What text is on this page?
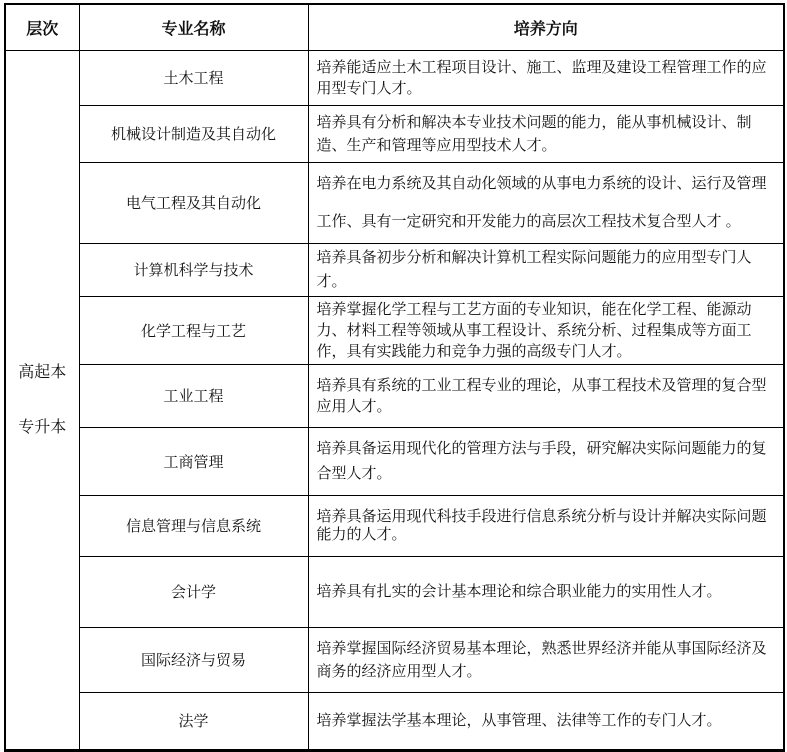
层次	专业名称	培养方向

高起本
专升本	土木工程	培养能适应土木工程项目设计、施工、监理及建设工程管理工作的应用型专门人才。

	机械设计制造及其自动化	培养具有分析和解决本专业技术问题的能力，能从事机械设计、制造、生产和管理等应用型技术人才。

	电气工程及其自动化	培养在电力系统及其自动化领域的从事电力系统的设计、运行及管理工作、具有一定研究和开发能力的高层次工程技术复合型人才 。

	计算机科学与技术	培养具备初步分析和解决计算机工程实际问题能力的应用型专门人才。

	化学工程与工艺	培养掌握化学工程与工艺方面的专业知识，能在化学工程、能源动力、材料工程等领域从事工程设计、系统分析、过程集成等方面工作，具有实践能力和竞争力强的高级专门人才。

	工业工程	培养具有系统的工业工程专业的理论，从事工程技术及管理的复合型应用人才。

	工商管理	培养具备运用现代化的管理方法与手段，研究解决实际问题能力的复合型人才。

	信息管理与信息系统	培养具备运用现代科技手段进行信息系统分析与设计并解决实际问题能力的人才。

	会计学	培养具有扎实的会计基本理论和综合职业能力的实用性人才。

	国际经济与贸易	培养掌握国际经济贸易基本理论，熟悉世界经济并能从事国际经济及商务的经济应用型人才。

	法学	培养掌握法学基本理论，从事管理、法律等工作的专门人才。
